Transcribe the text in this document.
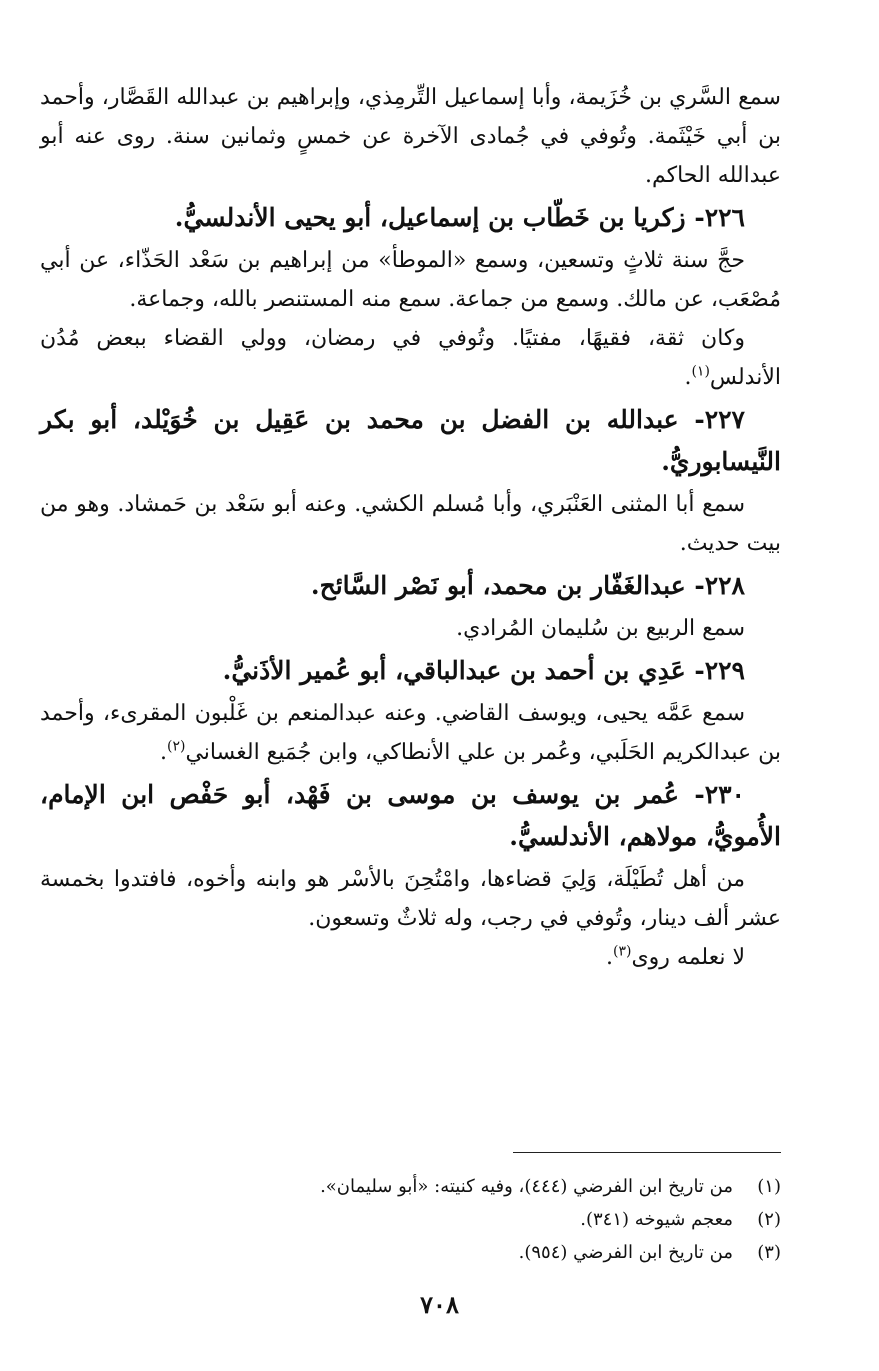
سمع السَّري بن خُزَيمة، وأبا إسماعيل التِّرمِذي، وإبراهيم بن عبدالله القَصَّار، وأحمد بن أبي خَيْثَمة. وتُوفي في جُمادى الآخرة عن خمسٍ وثمانين سنة. روى عنه أبو عبدالله الحاكم.

٢٢٦- زكريا بن خَطّاب بن إسماعيل، أبو يحيى الأندلسيُّ.

حجَّ سنة ثلاثٍ وتسعين، وسمع «الموطأ» من إبراهيم بن سَعْد الحَذّاء، عن أبي مُصْعَب، عن مالك. وسمع من جماعة. سمع منه المستنصر بالله، وجماعة.

وكان ثقة، فقيهًا، مفتيًا. وتُوفي في رمضان، وولي القضاء ببعض مُدُن الأندلس$^{(١)}$.

٢٢٧- عبدالله بن الفضل بن محمد بن عَقِيل بن خُوَيْلد، أبو بكر النَّيسابوريُّ.

سمع أبا المثنى العَنْبَري، وأبا مُسلم الكشي. وعنه أبو سَعْد بن حَمشاد. وهو من بيت حديث.

٢٢٨- عبدالغَفّار بن محمد، أبو نَصْر السَّائح.

سمع الربيع بن سُليمان المُرادي.

٢٢٩- عَدِي بن أحمد بن عبدالباقي، أبو عُمير الأذَنيُّ.

سمع عَمَّه يحيى، ويوسف القاضي. وعنه عبدالمنعم بن غَلْبون المقرىء، وأحمد بن عبدالكريم الحَلَبي، وعُمر بن علي الأنطاكي، وابن جُمَيع الغساني$^{(٢)}$.

٢٣٠- عُمر بن يوسف بن موسى بن فَهْد، أبو حَفْص ابن الإمام، الأُمويُّ، مولاهم، الأندلسيُّ.

من أهل تُطَيْلَة، وَلِيَ قضاءها، وامْتُحِنَ بالأسْر هو وابنه وأخوه، فافتدوا بخمسة عشر ألف دينار، وتُوفي في رجب، وله ثلاثٌ وتسعون.

لا نعلمه روى$^{(٣)}$.

(١)
من تاريخ ابن الفرضي (٤٤٤)، وفيه كنيته: «أبو سليمان».
(٢)
معجم شيوخه (٣٤١).
(٣)
من تاريخ ابن الفرضي (٩٥٤).
٧٠٨
